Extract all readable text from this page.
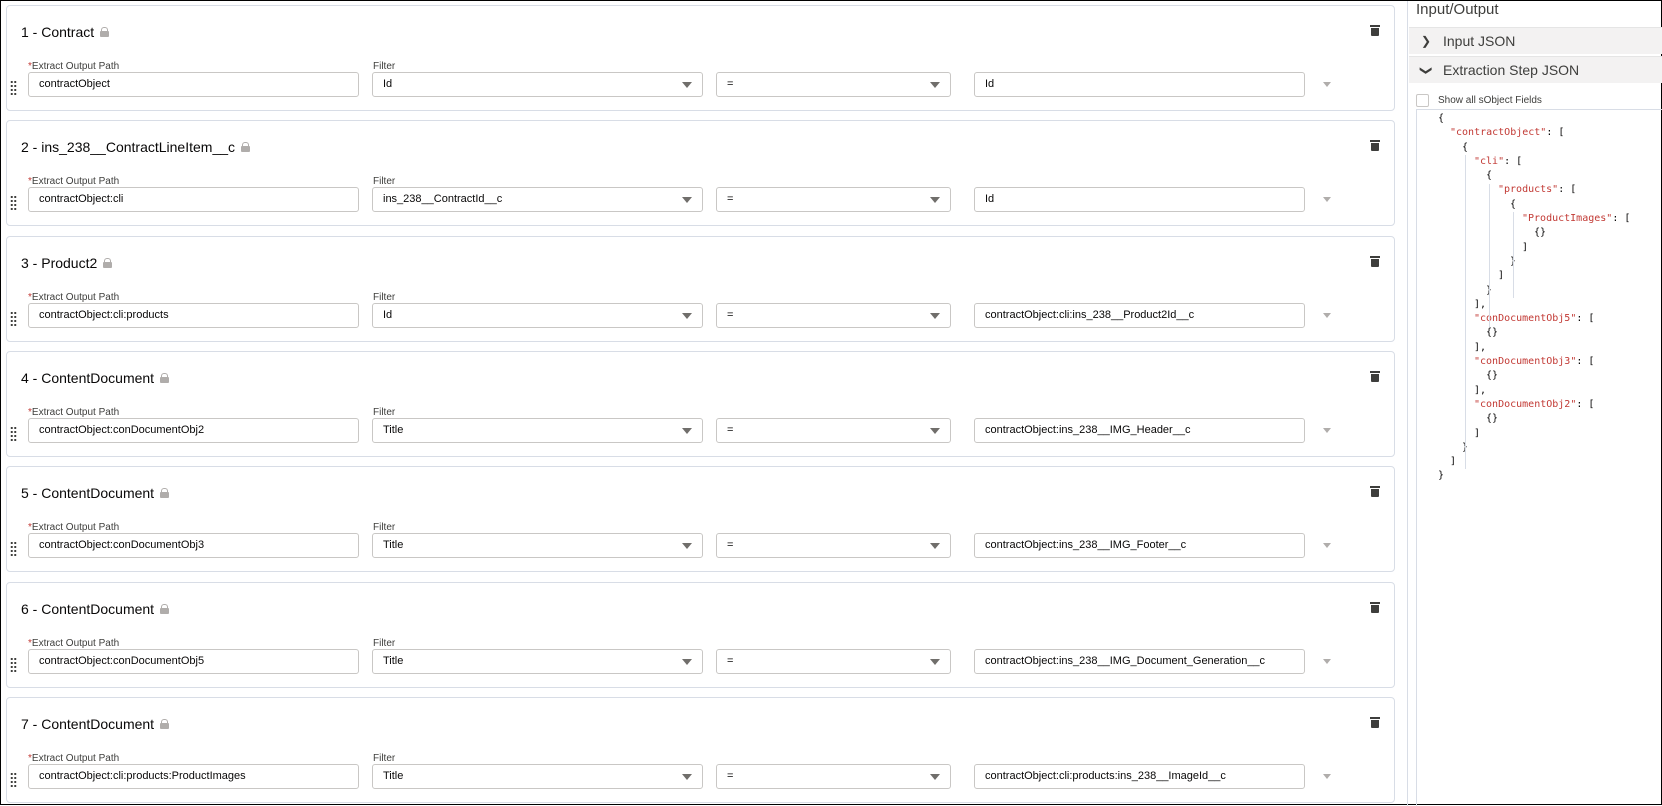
1 - Contract
*Extract Output Path	Filter
contractObject	Id	=	Id
2 - ins_238__ContractLineItem__c
*Extract Output Path	Filter
contractObject:cli	ins_238__ContractId__c	=	Id
3 - Product2
*Extract Output Path	Filter
contractObject:cli:products	Id	=	contractObject:cli:ins_238__Product2Id__c
4 - ContentDocument
*Extract Output Path	Filter
contractObject:conDocumentObj2	Title	=	contractObject:ins_238__IMG_Header__c
5 - ContentDocument
*Extract Output Path	Filter
contractObject:conDocumentObj3	Title	=	contractObject:ins_238__IMG_Footer__c
6 - ContentDocument
*Extract Output Path	Filter
contractObject:conDocumentObj5	Title	=	contractObject:ins_238__IMG_Document_Generation__c
7 - ContentDocument
*Extract Output Path	Filter
contractObject:cli:products:ProductImages	Title	=	contractObject:cli:products:ins_238__ImageId__c
Input/Output
❯ Input JSON
❯ Extraction Step JSON
Show all sObject Fields
{
"contractObject": [
{
"cli": [
{
"products": [
{
"ProductImages": [
{}
]
}
]
}
],
"conDocumentObj5": [
{}
],
"conDocumentObj3": [
{}
],
"conDocumentObj2": [
{}
]
}
]
}
